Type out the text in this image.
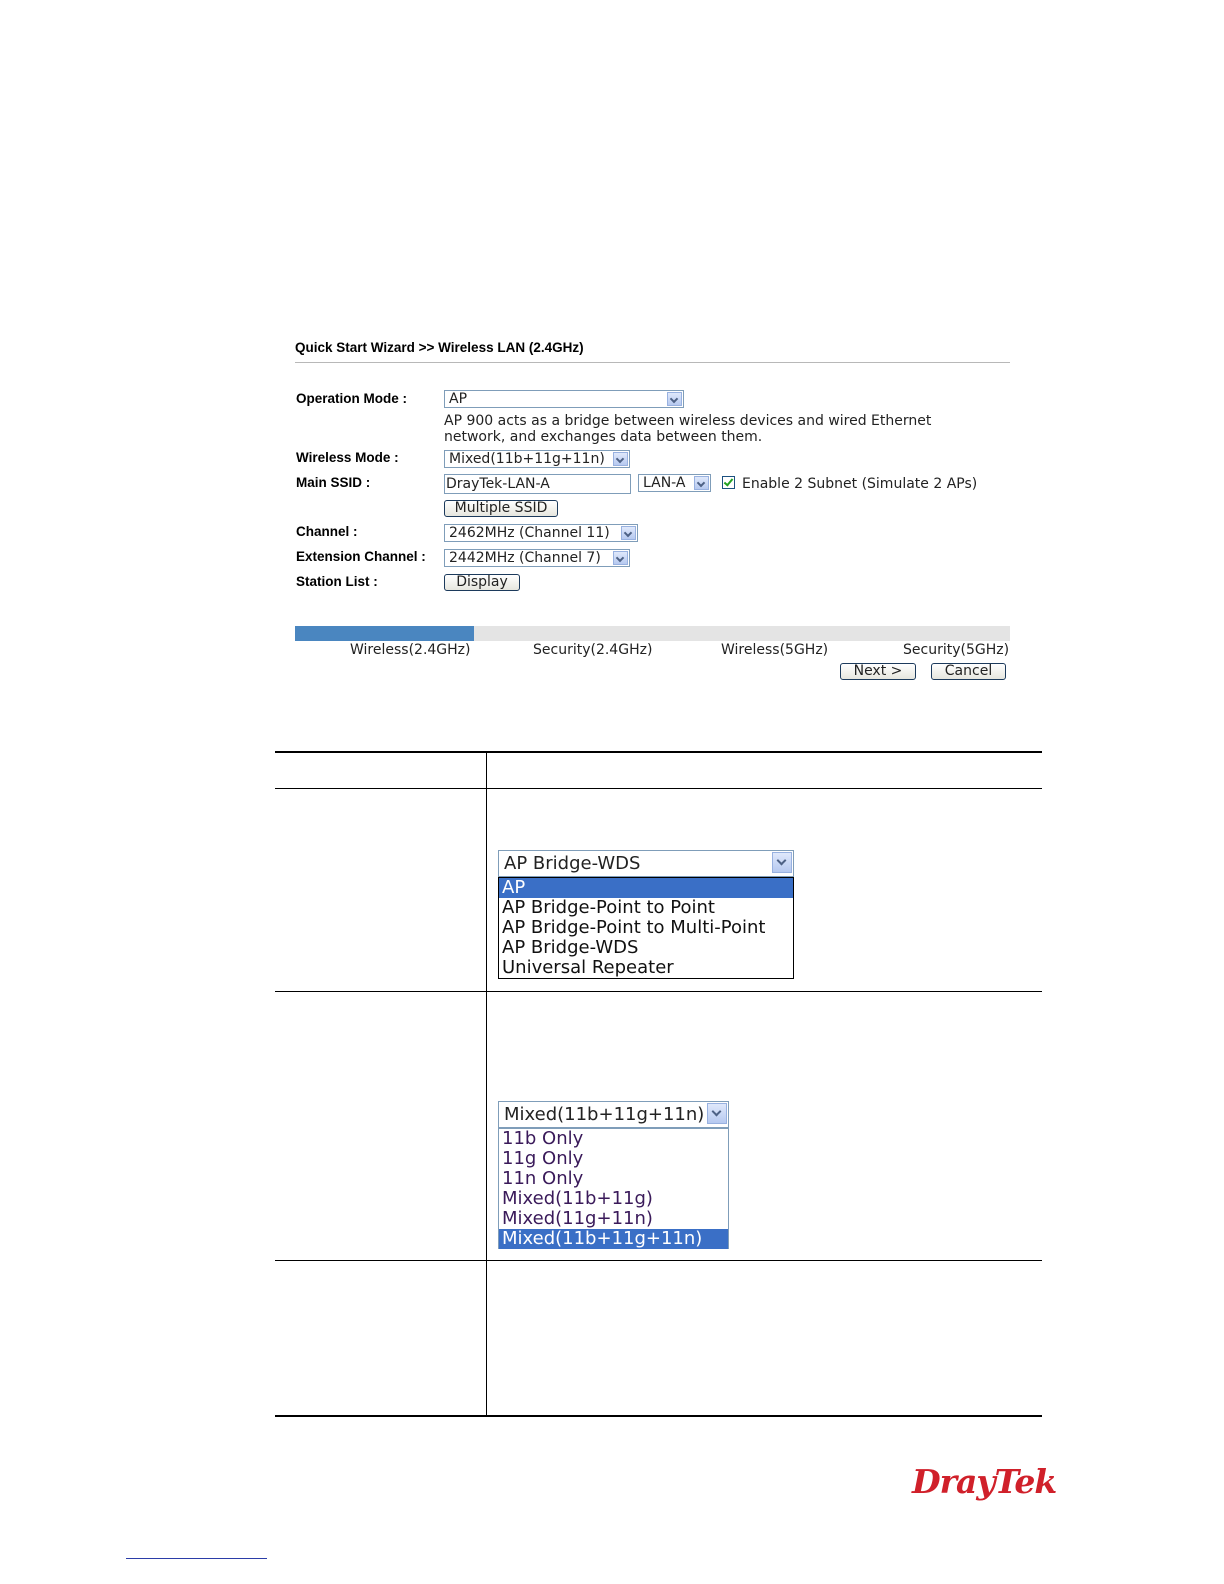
Quick Start Wizard >> Wireless LAN (2.4GHz)
Operation Mode :	AP
AP 900 acts as a bridge between wireless devices and wired Ethernet
network, and exchanges data between them.
Wireless Mode :	Mixed(11b+11g+11n)
Main SSID :	DrayTek-LAN-A	LAN-A	Enable 2 Subnet (Simulate 2 APs)
Multiple SSID
Channel :	2462MHz (Channel 11)
Extension Channel :	2442MHz (Channel 7)
Station List :	Display
Wireless(2.4GHz)	Security(2.4GHz)	Wireless(5GHz)	Security(5GHz)
Next >	Cancel
AP Bridge-WDS
AP
AP Bridge-Point to Point
AP Bridge-Point to Multi-Point
AP Bridge-WDS
Universal Repeater
Mixed(11b+11g+11n)
11b Only
11g Only
11n Only
Mixed(11b+11g)
Mixed(11g+11n)
Mixed(11b+11g+11n)
DrayTek
